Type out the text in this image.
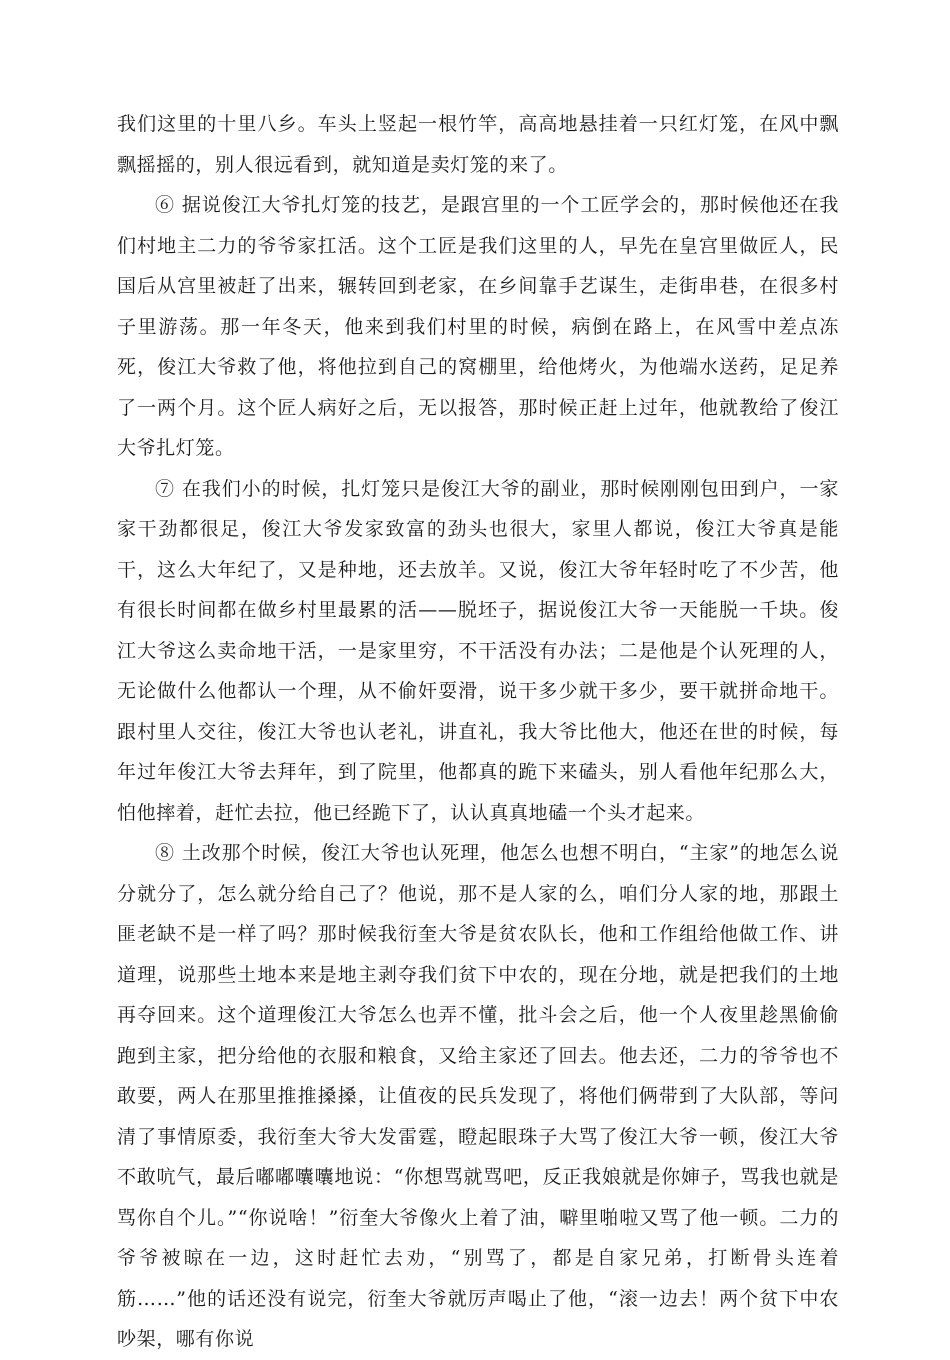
我们这里的十里八乡。车头上竖起一根竹竿，高高地悬挂着一只红灯笼，在风中飘飘摇摇的，别人很远看到，就知道是卖灯笼的来了。

⑥ 据说俊江大爷扎灯笼的技艺，是跟宫里的一个工匠学会的，那时候他还在我们村地主二力的爷爷家扛活。这个工匠是我们这里的人，早先在皇宫里做匠人，民国后从宫里被赶了出来，辗转回到老家，在乡间靠手艺谋生，走街串巷，在很多村子里游荡。那一年冬天，他来到我们村里的时候，病倒在路上，在风雪中差点冻死，俊江大爷救了他，将他拉到自己的窝棚里，给他烤火，为他端水送药，足足养了一两个月。这个匠人病好之后，无以报答，那时候正赶上过年，他就教给了俊江大爷扎灯笼。

⑦ 在我们小的时候，扎灯笼只是俊江大爷的副业，那时候刚刚包田到户，一家家干劲都很足，俊江大爷发家致富的劲头也很大，家里人都说，俊江大爷真是能干，这么大年纪了，又是种地，还去放羊。又说，俊江大爷年轻时吃了不少苦，他有很长时间都在做乡村里最累的活——脱坯子，据说俊江大爷一天能脱一千块。俊江大爷这么卖命地干活，一是家里穷，不干活没有办法；二是他是个认死理的人，无论做什么他都认一个理，从不偷奸耍滑，说干多少就干多少，要干就拼命地干。跟村里人交往，俊江大爷也认老礼，讲直礼，我大爷比他大，他还在世的时候，每年过年俊江大爷去拜年，到了院里，他都真的跪下来磕头，别人看他年纪那么大，怕他摔着，赶忙去拉，他已经跪下了，认认真真地磕一个头才起来。

⑧ 土改那个时候，俊江大爷也认死理，他怎么也想不明白，“主家”的地怎么说分就分了，怎么就分给自己了？他说，那不是人家的么，咱们分人家的地，那跟土匪老缺不是一样了吗？那时候我衍奎大爷是贫农队长，他和工作组给他做工作、讲道理，说那些土地本来是地主剥夺我们贫下中农的，现在分地，就是把我们的土地再夺回来。这个道理俊江大爷怎么也弄不懂，批斗会之后，他一个人夜里趁黑偷偷跑到主家，把分给他的衣服和粮食，又给主家还了回去。他去还，二力的爷爷也不敢要，两人在那里推推搡搡，让值夜的民兵发现了，将他们俩带到了大队部，等问清了事情原委，我衍奎大爷大发雷霆，瞪起眼珠子大骂了俊江大爷一顿，俊江大爷不敢吭气，最后嘟嘟囔囔地说：“你想骂就骂吧，反正我娘就是你婶子，骂我也就是骂你自个儿。”“你说啥！”衍奎大爷像火上着了油，噼里啪啦又骂了他一顿。二力的爷爷被晾在一边，这时赶忙去劝，“别骂了，都是自家兄弟，打断骨头连着筋……”他的话还没有说完，衍奎大爷就厉声喝止了他，“滚一边去！两个贫下中农吵架，哪有你说
